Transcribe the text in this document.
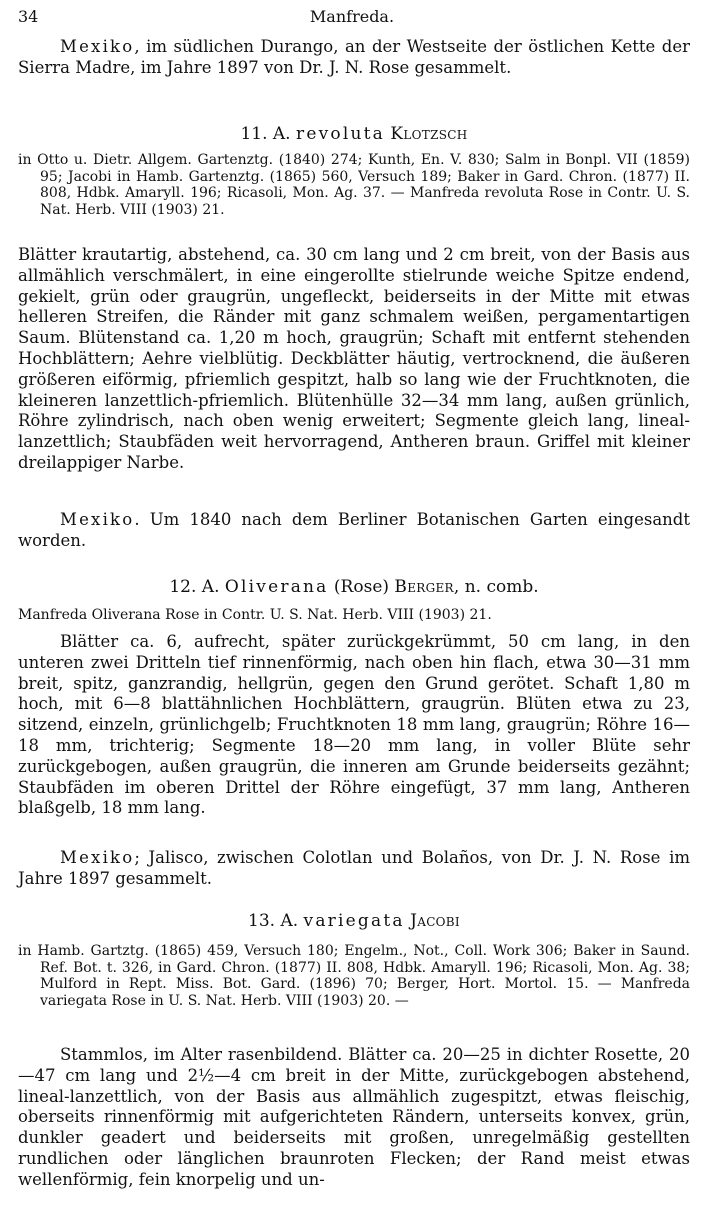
34	Manfreda.
Mexiko, im südlichen Durango, an der Westseite der östlichen Kette der Sierra Madre, im Jahre 1897 von Dr. J. N. Rose gesammelt.
11. A. revoluta Klotzsch
in Otto u. Dietr. Allgem. Gartenztg. (1840) 274; Kunth, En. V. 830; Salm in Bonpl. VII (1859) 95; Jacobi in Hamb. Gartenztg. (1865) 560, Versuch 189; Baker in Gard. Chron. (1877) II. 808, Hdbk. Amaryll. 196; Ricasoli, Mon. Ag. 37. — Manfreda revoluta Rose in Contr. U. S. Nat. Herb. VIII (1903) 21.
Blätter krautartig, abstehend, ca. 30 cm lang und 2 cm breit, von der Basis aus allmählich verschmälert, in eine eingerollte stielrunde weiche Spitze endend, gekielt, grün oder graugrün, ungefleckt, beiderseits in der Mitte mit etwas helleren Streifen, die Ränder mit ganz schmalem weißen, pergamentartigen Saum. Blütenstand ca. 1,20 m hoch, graugrün; Schaft mit entfernt stehenden Hochblättern; Aehre vielblütig. Deckblätter häutig, vertrocknend, die äußeren größeren eiförmig, pfriemlich gespitzt, halb so lang wie der Fruchtknoten, die kleineren lanzettlich-pfriemlich. Blütenhülle 32—34 mm lang, außen grünlich, Röhre zylindrisch, nach oben wenig erweitert; Segmente gleich lang, lineal-lanzettlich; Staubfäden weit hervorragend, Antheren braun. Griffel mit kleiner dreilappiger Narbe.
Mexiko. Um 1840 nach dem Berliner Botanischen Garten eingesandt worden.
12. A. Oliverana (Rose) Berger, n. comb.
Manfreda Oliverana Rose in Contr. U. S. Nat. Herb. VIII (1903) 21.
Blätter ca. 6, aufrecht, später zurückgekrümmt, 50 cm lang, in den unteren zwei Dritteln tief rinnenförmig, nach oben hin flach, etwa 30—31 mm breit, spitz, ganzrandig, hellgrün, gegen den Grund gerötet. Schaft 1,80 m hoch, mit 6—8 blattähnlichen Hochblättern, graugrün. Blüten etwa zu 23, sitzend, einzeln, grünlichgelb; Fruchtknoten 18 mm lang, graugrün; Röhre 16—18 mm, trichterig; Segmente 18—20 mm lang, in voller Blüte sehr zurückgebogen, außen graugrün, die inneren am Grunde beiderseits gezähnt; Staubfäden im oberen Drittel der Röhre eingefügt, 37 mm lang, Antheren blaßgelb, 18 mm lang.
Mexiko; Jalisco, zwischen Colotlan und Bolaños, von Dr. J. N. Rose im Jahre 1897 gesammelt.
13. A. variegata Jacobi
in Hamb. Gartztg. (1865) 459, Versuch 180; Engelm., Not., Coll. Work 306; Baker in Saund. Ref. Bot. t. 326, in Gard. Chron. (1877) II. 808, Hdbk. Amaryll. 196; Ricasoli, Mon. Ag. 38; Mulford in Rept. Miss. Bot. Gard. (1896) 70; Berger, Hort. Mortol. 15. — Manfreda variegata Rose in U. S. Nat. Herb. VIII (1903) 20. —
Stammlos, im Alter rasenbildend. Blätter ca. 20—25 in dichter Rosette, 20—47 cm lang und 2½—4 cm breit in der Mitte, zurückgebogen abstehend, lineal-lanzettlich, von der Basis aus allmählich zugespitzt, etwas fleischig, oberseits rinnenförmig mit aufgerichteten Rändern, unterseits konvex, grün, dunkler geadert und beiderseits mit großen, unregelmäßig gestellten rundlichen oder länglichen braunroten Flecken; der Rand meist etwas wellenförmig, fein knorpelig und un-
